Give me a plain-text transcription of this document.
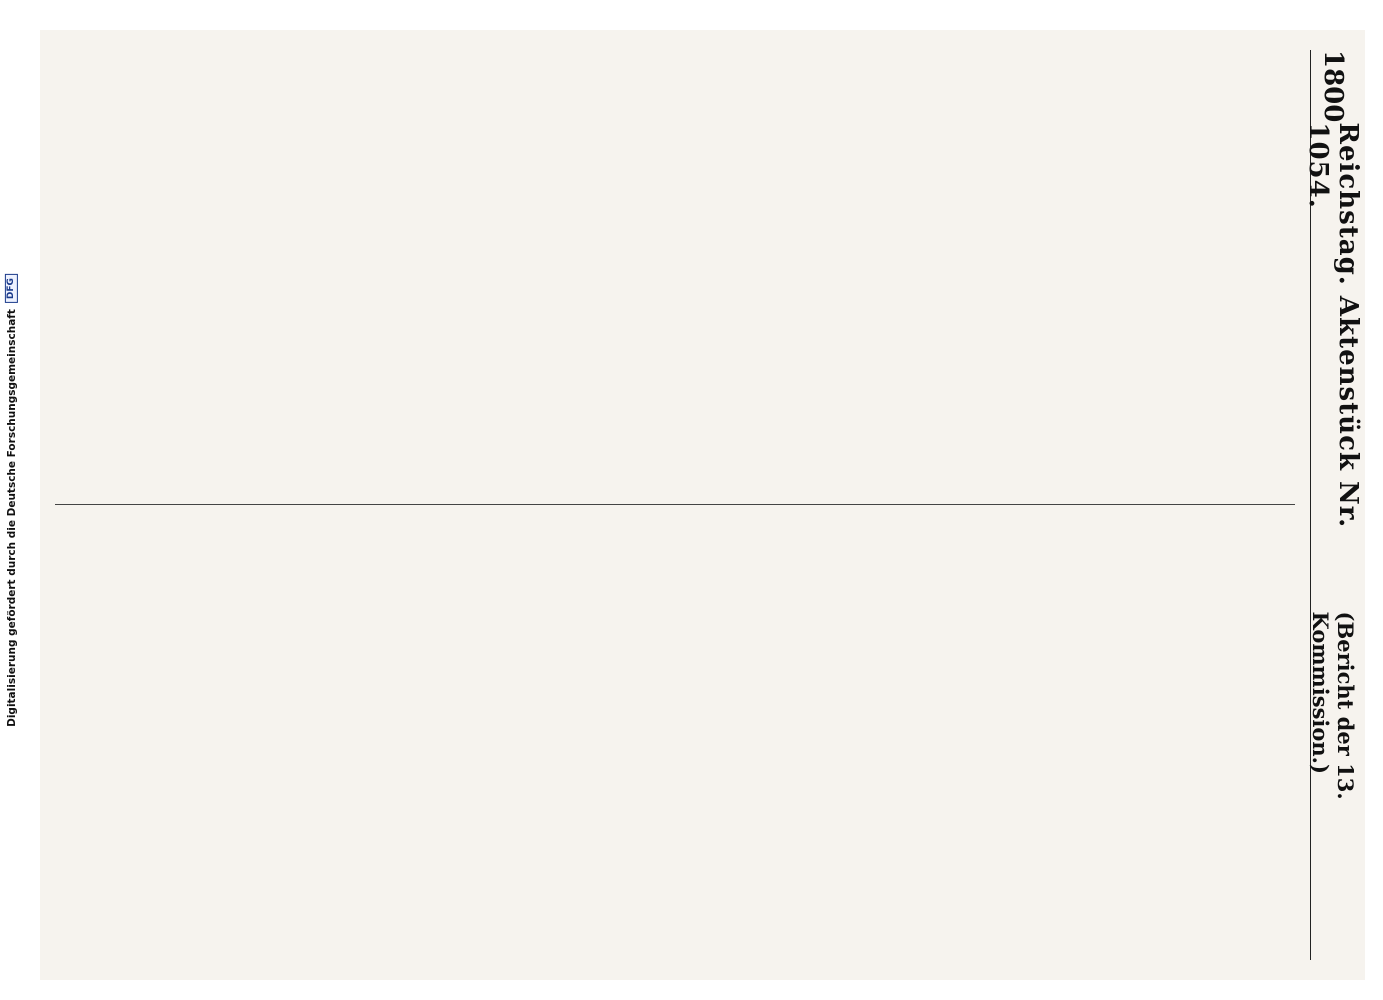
Digitalisierung gefördert durch die Deutsche Forschungsgemeinschaft
DFG
1800
Reichstag. Aktenstück Nr. 1054.
(Bericht der 13. Kommission.)
